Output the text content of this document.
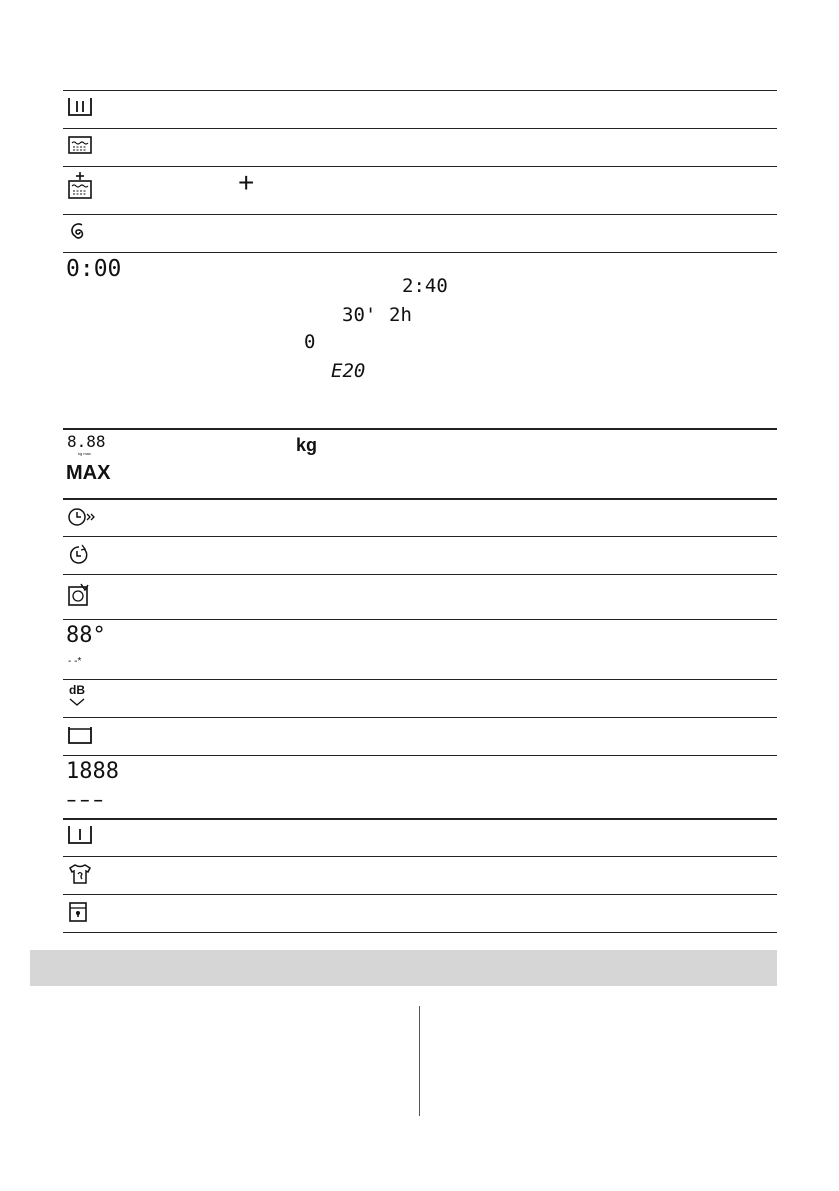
+
0:00
2:40
30' 2h
0
E20
8.88
kg max
MAX
kg
88°
- -*
dB
1888
– – –
